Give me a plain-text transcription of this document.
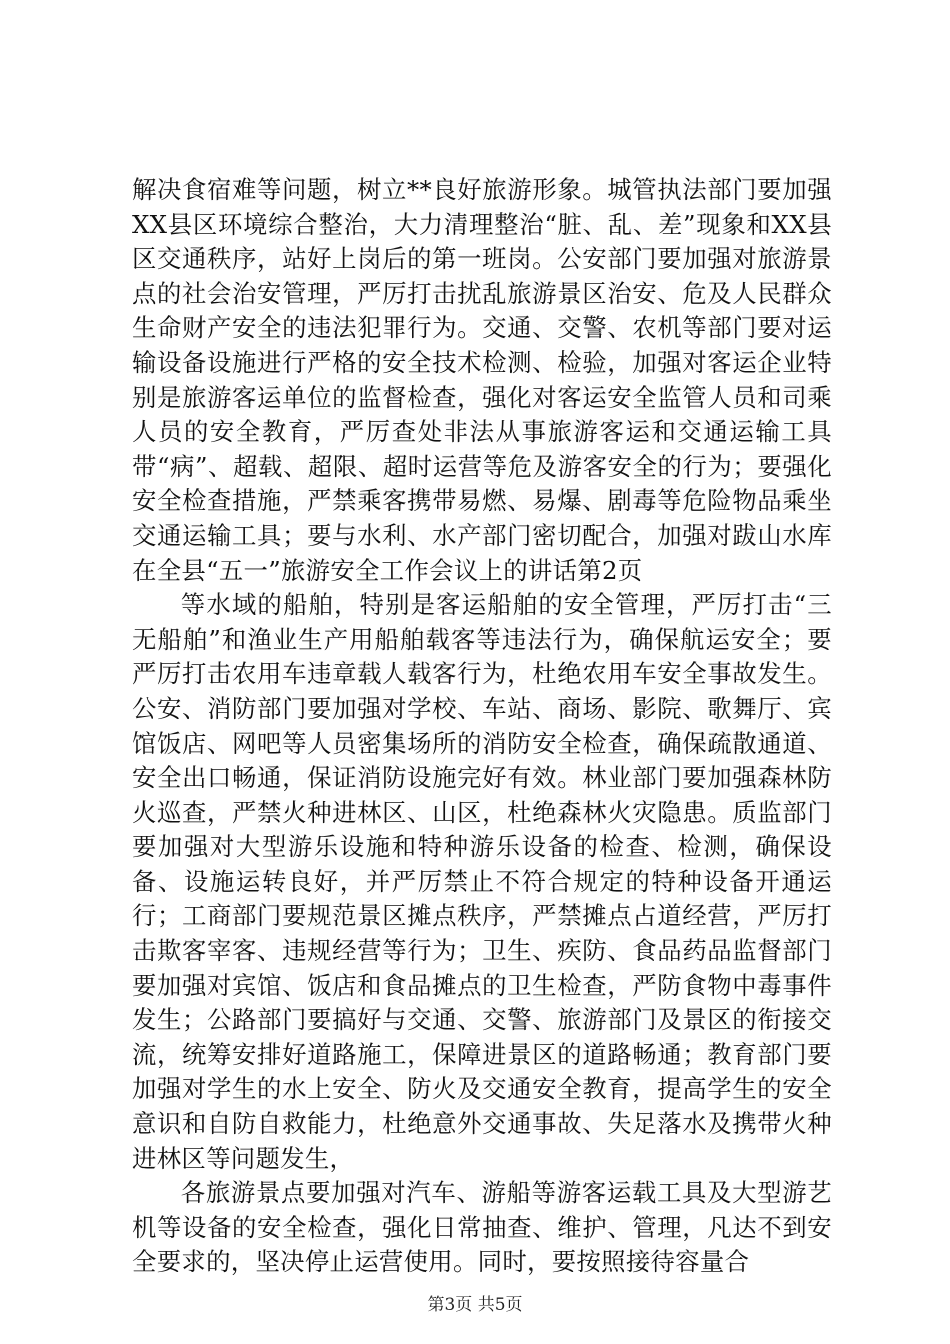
解决食宿难等问题，树立**良好旅游形象。城管执法部门要加强XX县区环境综合整治，大力清理整治“脏、乱、差”现象和XX县区交通秩序，站好上岗后的第一班岗。公安部门要加强对旅游景点的社会治安管理，严厉打击扰乱旅游景区治安、危及人民群众生命财产安全的违法犯罪行为。交通、交警、农机等部门要对运输设备设施进行严格的安全技术检测、检验，加强对客运企业特别是旅游客运单位的监督检查，强化对客运安全监管人员和司乘人员的安全教育，严厉查处非法从事旅游客运和交通运输工具带“病”、超载、超限、超时运营等危及游客安全的行为；要强化安全检查措施，严禁乘客携带易燃、易爆、剧毒等危险物品乘坐交通运输工具；要与水利、水产部门密切配合，加强对跋山水库在全县“五一”旅游安全工作会议上的讲话第2页

等水域的船舶，特别是客运船舶的安全管理，严厉打击“三无船舶”和渔业生产用船舶载客等违法行为，确保航运安全；要严厉打击农用车违章载人载客行为，杜绝农用车安全事故发生。公安、消防部门要加强对学校、车站、商场、影院、歌舞厅、宾馆饭店、网吧等人员密集场所的消防安全检查，确保疏散通道、安全出口畅通，保证消防设施完好有效。林业部门要加强森林防火巡查，严禁火种进林区、山区，杜绝森林火灾隐患。质监部门要加强对大型游乐设施和特种游乐设备的检查、检测，确保设备、设施运转良好，并严厉禁止不符合规定的特种设备开通运行；工商部门要规范景区摊点秩序，严禁摊点占道经营，严厉打击欺客宰客、违规经营等行为；卫生、疾防、食品药品监督部门要加强对宾馆、饭店和食品摊点的卫生检查，严防食物中毒事件发生；公路部门要搞好与交通、交警、旅游部门及景区的衔接交流，统筹安排好道路施工，保障进景区的道路畅通；教育部门要加强对学生的水上安全、防火及交通安全教育，提高学生的安全意识和自防自救能力，杜绝意外交通事故、失足落水及携带火种进林区等问题发生，

各旅游景点要加强对汽车、游船等游客运载工具及大型游艺机等设备的安全检查，强化日常抽查、维护、管理，凡达不到安全要求的，坚决停止运营使用。同时，要按照接待容量合

第3页 共5页
